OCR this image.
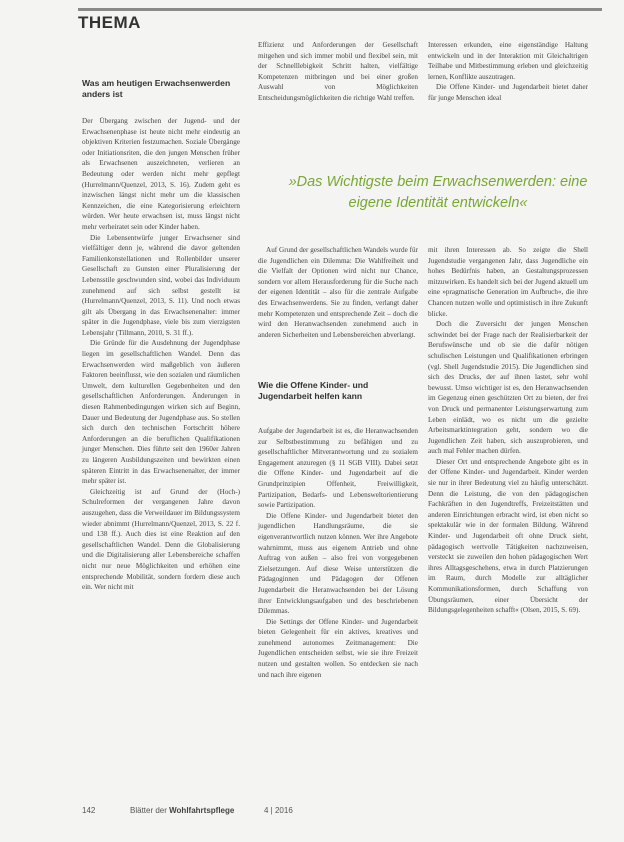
THEMA
Was am heutigen Erwachsenwerden anders ist

Der Übergang zwischen der Jugend- und der Erwachsenenphase ist heute nicht mehr eindeutig an objektiven Kriterien festzumachen. Soziale Übergänge oder Initiationsriten, die den jungen Menschen früher als Erwachsenen auszeichneten, verlieren an Bedeutung oder werden nicht mehr gepflegt (Hurrelmann/Quenzel, 2013, S. 16). Zudem geht es inzwischen längst nicht mehr um die klassischen Kennzeichen, die eine Kategorisierung erleichtern würden. Wer heute erwachsen ist, muss längst nicht mehr verheiratet sein oder Kinder haben.

Die Lebensentwürfe junger Erwachsener sind vielfältiger denn je, während die davor geltenden Familienkonstellationen und Rollenbilder unserer Gesellschaft zu Gunsten einer Pluralisierung der Lebensstile geschwunden sind, wobei das Individuum zunehmend auf sich selbst gestellt ist (Hurrelmann/Quenzel, 2013, S. 11). Und noch etwas gilt als Übergang in das Erwachsenenalter: immer später in die Jugendphase, viele bis zum vierzigsten Lebensjahr (Tillmann, 2010, S. 31 ff.).

Die Gründe für die Ausdehnung der Jugendphase liegen im gesellschaftlichen Wandel. Denn das Erwachsenwerden wird maßgeblich von äußeren Faktoren beeinflusst, wie den sozialen und räumlichen Umwelt, dem kulturellen Gegebenheiten und den gesellschaftlichen Anforderungen. Änderungen in diesen Rahmenbedingungen wirken sich auf Beginn, Dauer und Bedeutung der Jugendphase aus. So stellen sich durch den technischen Fortschritt höhere Anforderungen an die beruflichen Qualifikationen junger Menschen. Dies führte seit den 1960er Jahren zu längeren Ausbildungszeiten und bewirkten einen späteren Eintritt in das Erwachsenenalter, der immer mehr später ist.

Gleichzeitig ist auf Grund der (Hoch-) Schulreformen der vergangenen Jahre davon auszugehen, dass die Verweildauer im Bildungssystem wieder abnimmt (Hurrelmann/Quenzel, 2013, S. 22 f. und 138 ff.). Auch dies ist eine Reaktion auf den gesellschaftlichen Wandel. Denn die Globalisierung und die Digitalisierung aller Lebensbereiche schaffen nicht nur neue Möglichkeiten und erhöhen eine entsprechende Mobilität, sondern fordern diese auch ein. Wer nicht mit

Effizienz und Anforderungen der Gesellschaft mitgehen und sich immer mobil und flexibel sein, mit der Schnelllebigkeit Schritt halten, vielfältige Kompetenzen mitbringen und bei einer großen Auswahl von Möglichkeiten Entscheidungsmöglichkeiten die richtige Wahl treffen.

Interessen erkunden, eine eigenständige Haltung entwickeln und in der Interaktion mit Gleichaltrigen Teilhabe und Mitbestimmung erleben und gleichzeitig lernen, Konflikte auszutragen.

Die Offene Kinder- und Jugendarbeit bietet daher für junge Menschen ideal

»Das Wichtigste beim Erwachsenwerden: eine eigene Identität entwickeln«

Auf Grund der gesellschaftlichen Wandels wurde für die Jugendlichen ein Dilemma: Die Wahlfreiheit und die Vielfalt der Optionen wird nicht nur Chance, sondern vor allem Herausforderung für die Suche nach der eigenen Identität – also für die zentrale Aufgabe des Erwachsenwerdens. Sie zu finden, verlangt daher mehr Kompetenzen und entsprechende Zeit – doch die wird den Heranwachsenden zunehmend auch in anderen Sicherheiten und Lebensbereichen abverlangt.

Wie die Offene Kinder- und Jugendarbeit helfen kann

Aufgabe der Jugendarbeit ist es, die Heranwachsenden zur Selbstbestimmung zu befähigen und zu gesellschaftlicher Mitverantwortung und zu sozialem Engagement anzuregen (§ 11 SGB VIII). Dabei setzt die Offene Kinder- und Jugendarbeit auf die Grundprinzipien Offenheit, Freiwilligkeit, Partizipation, Bedarfs- und Lebensweltorientierung sowie Partizipation.

Die Offene Kinder- und Jugendarbeit bietet den jugendlichen Handlungsräume, die sie eigenverantwortlich nutzen können. Wer ihre Angebote wahrnimmt, muss aus eigenem Antrieb und ohne Auftrag von außen – also frei von vorgegebenen Zielsetzungen. Auf diese Weise unterstützen die Pädagoginnen und Pädagogen der Offenen Jugendarbeit die Heranwachsenden bei der Lösung ihrer Entwicklungsaufgaben und des beschriebenen Dilemmas.

Die Settings der Offene Kinder- und Jugendarbeit bieten Gelegenheit für ein aktives, kreatives und zunehmend autonomes Zeitmanagement: Die Jugendlichen entscheiden selbst, wie sie ihre Freizeit nutzen und gestalten wollen. So entdecken sie nach und nach ihre eigenen

mit ihren Interessen ab. So zeigte die Shell Jugendstudie vergangenen Jahr, dass Jugendliche ein hohes Bedürfnis haben, an Gestaltungsprozessen mitzuwirken. Es handelt sich bei der Jugend aktuell um eine »pragmatische Generation im Aufbruch«, die ihre Chancen nutzen wolle und optimistisch in ihre Zukunft blicke.

Doch die Zuversicht der jungen Menschen schwindet bei der Frage nach der Realisierbarkeit der Berufswünsche und ob sie die dafür nötigen schulischen Leistungen und Qualifikationen erbringen (vgl. Shell Jugendstudie 2015). Die Jugendlichen sind sich des Drucks, der auf ihnen lastet, sehr wohl bewusst. Umso wichtiger ist es, den Heranwachsenden im Gegenzug einen geschützten Ort zu bieten, der frei von Druck und permanenter Leistungserwartung zum Leben einlädt, wo es nicht um die gezielte Arbeitsmarktintegration geht, sondern wo die Jugendlichen Zeit haben, sich auszuprobieren, und auch mal Fehler machen dürfen.

Dieser Ort und entsprechende Angebote gibt es in der Offene Kinder- und Jugendarbeit. Kinder werden sie nur in ihrer Bedeutung viel zu häufig unterschätzt. Denn die Leistung, die von den pädagogischen Fachkräften in den Jugendtreffs, Freizeitstätten und anderen Einrichtungen erbracht wird, ist eben nicht so spektakulär wie in der formalen Bildung. Während Kinder- und Jugendarbeit oft ohne Druck sieht, pädagogisch wertvolle Tätigkeiten nachzuweisen, versteckt sie zuweilen den hohen pädagogischen Wert ihres Alltagsgeschehens, etwa in durch Platzierungen im Raum, durch Modelle zur alltäglicher Kommunikationsformen, durch Schaffung von Übungsräumen, einer Übersicht der Bildungsgelegenheiten schafft« (Olsen, 2015, S. 69).

142	Blätter der Wohlfahrtspflege	4 | 2016
